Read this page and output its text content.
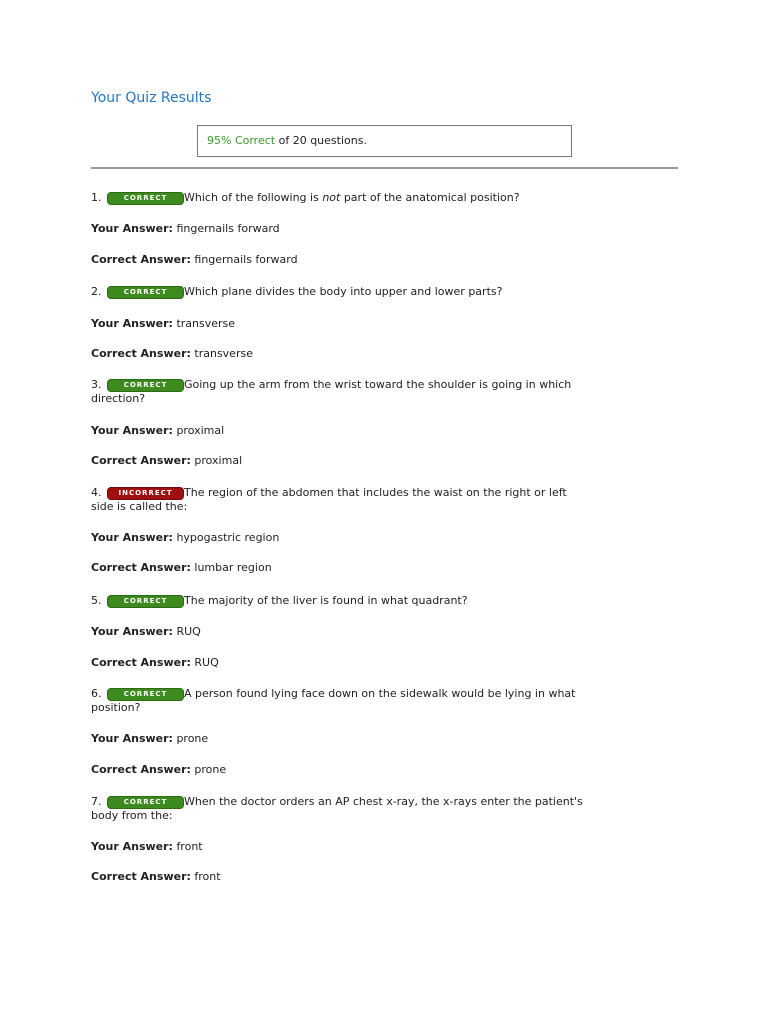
Your Quiz Results
95% Correct of 20 questions.
1.	CORRECT Which of the following is not part of the anatomical position?
Your Answer: fingernails forward
Correct Answer: fingernails forward
2.	CORRECT Which plane divides the body into upper and lower parts?
Your Answer: transverse
Correct Answer: transverse
3.	CORRECT Going up the arm from the wrist toward the shoulder is going in which direction?
Your Answer: proximal
Correct Answer: proximal
4. INCORRECT The region of the abdomen that includes the waist on the right or left side is called the:
Your Answer: hypogastric region
Correct Answer: lumbar region
5.	CORRECT The majority of the liver is found in what quadrant?
Your Answer: RUQ
Correct Answer: RUQ
6.	CORRECT A person found lying face down on the sidewalk would be lying in what position?
Your Answer: prone
Correct Answer: prone
7.	CORRECT When the doctor orders an AP chest x-ray, the x-rays enter the patient's body from the:
Your Answer: front
Correct Answer: front
